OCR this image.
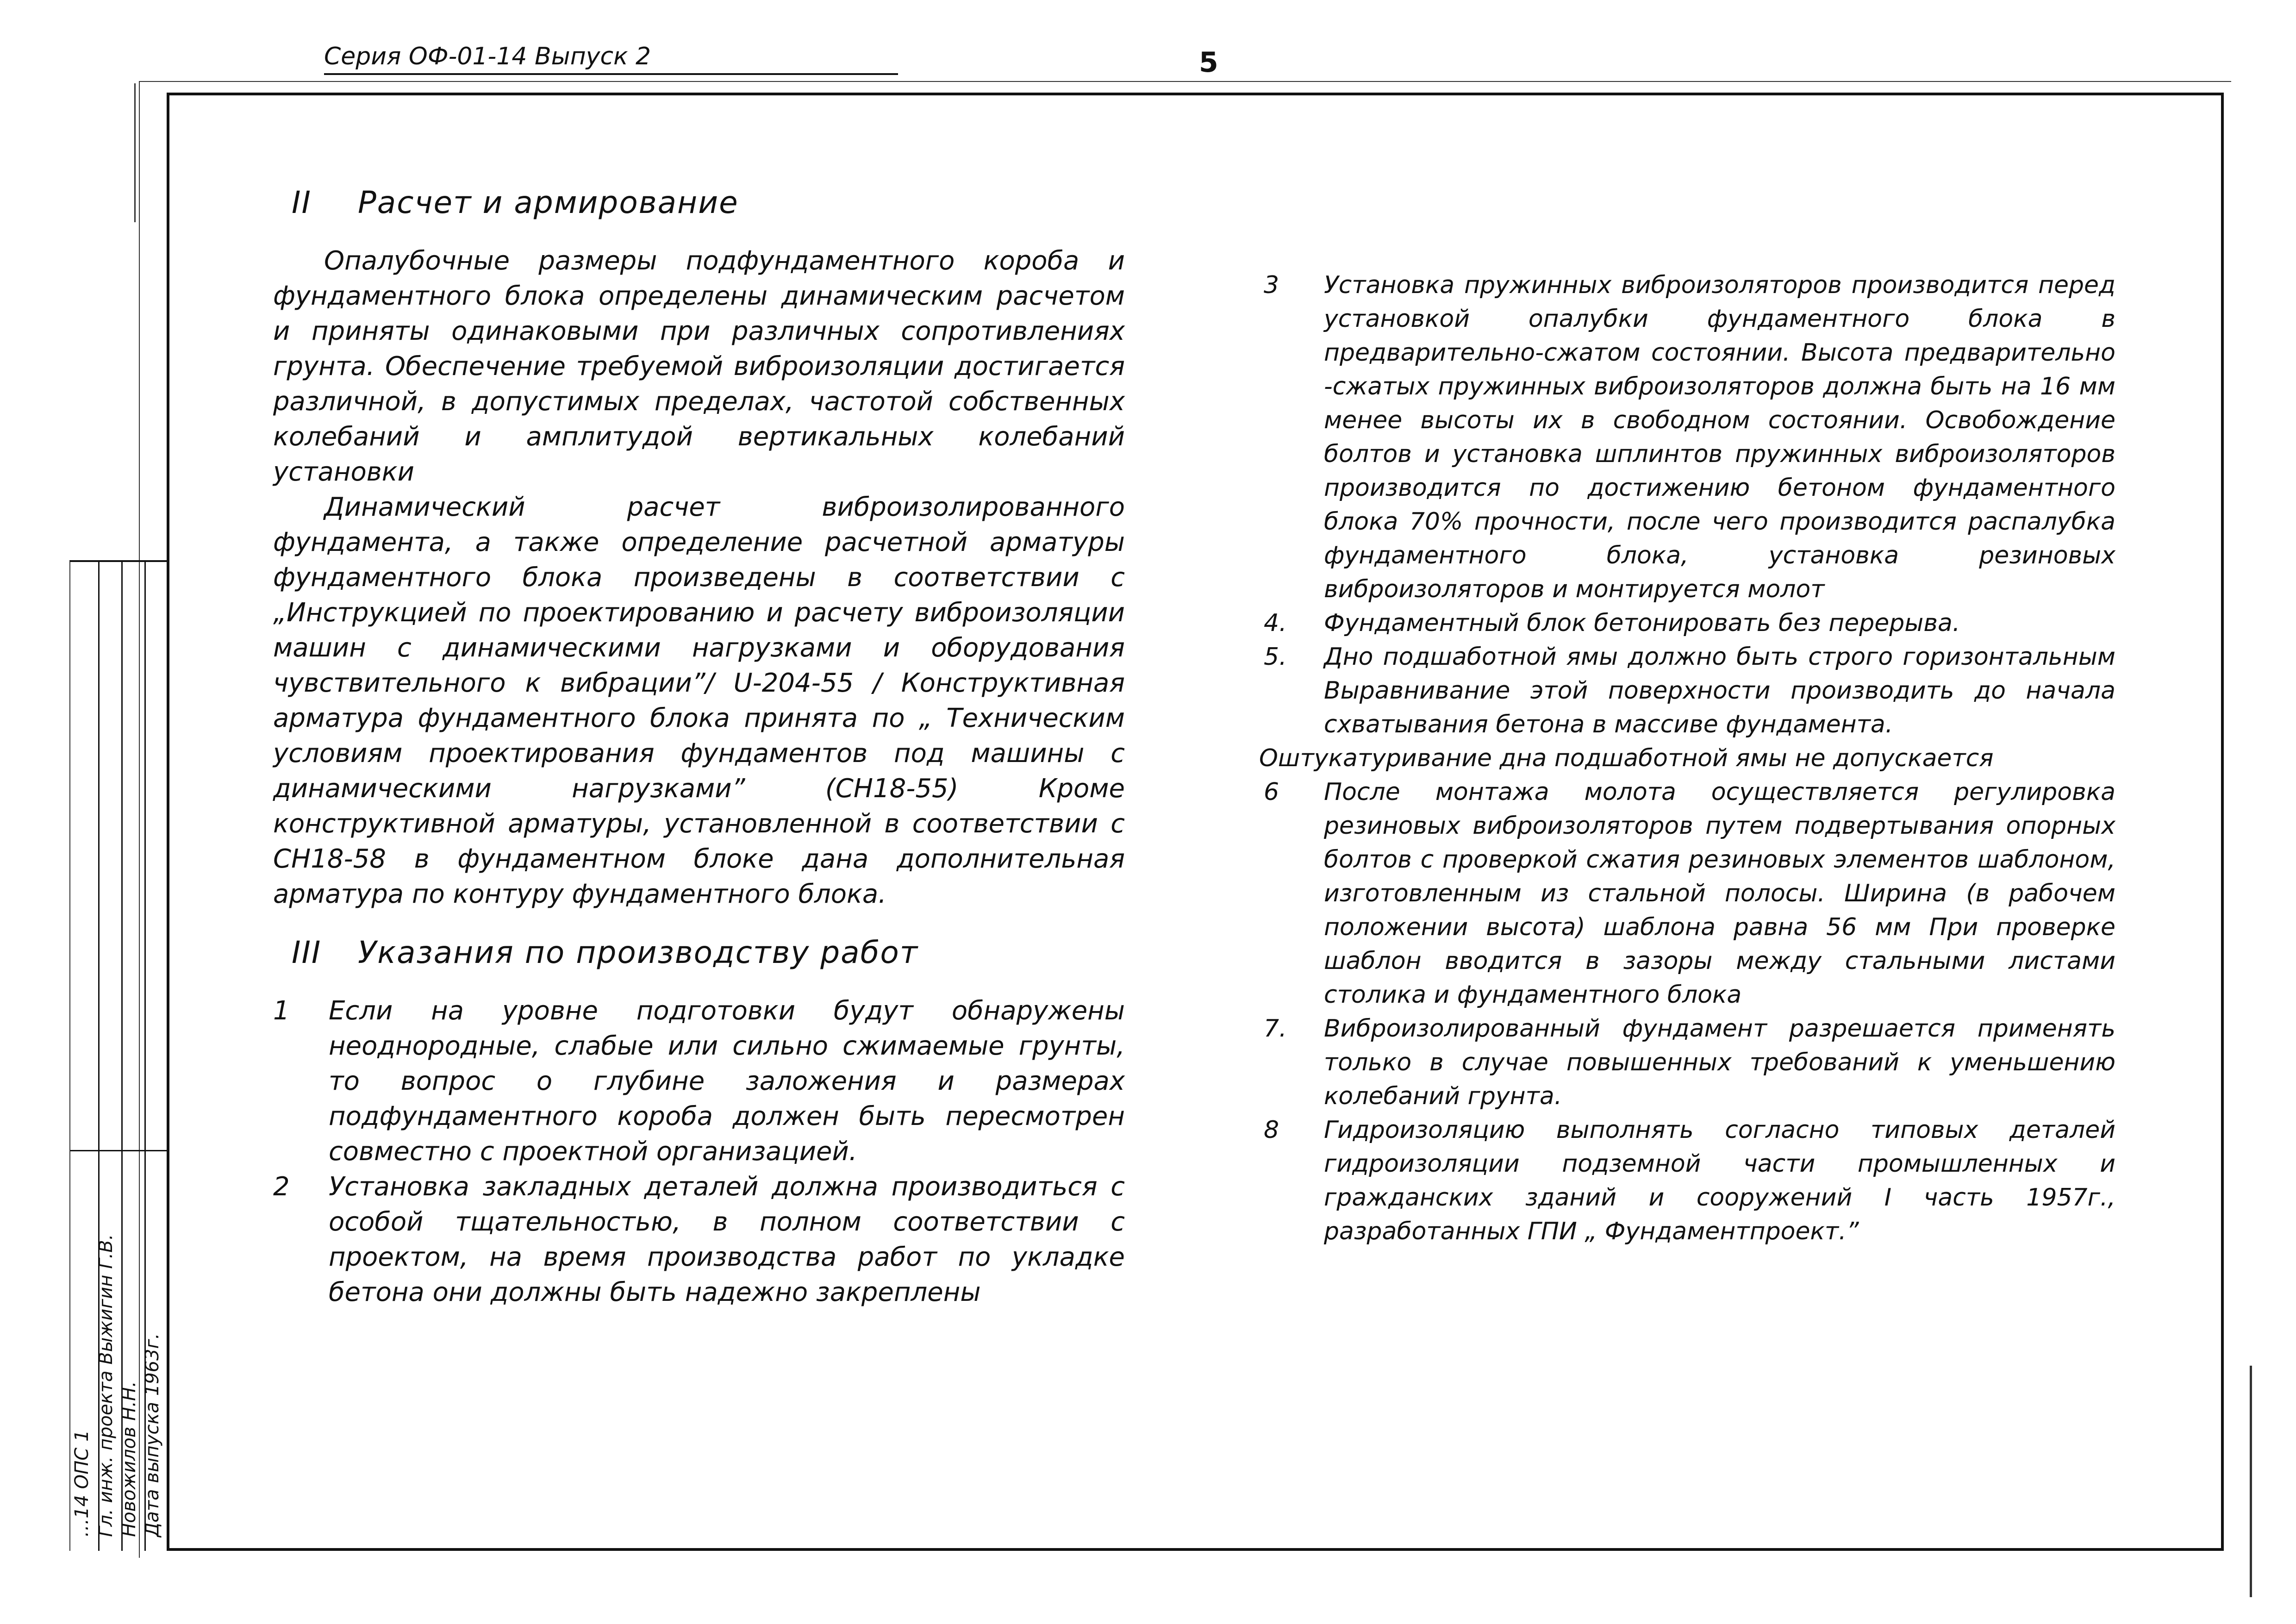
Серия ОФ-01-14 Выпуск 2	5
…14 ОПС 1 Гл. инж. проекта Выжигин Г.В. Новожилов Н.Н. Дата выпуска 1963г.
II Расчет и армирование

Опалубочные размеры подфундаментного короба и фундаментного блока определены динамическим расчетом и приняты одинаковыми при различных сопротивлениях грунта. Обеспечение требуемой виброизоляции достигается различной, в допустимых пределах, частотой собственных колебаний и амплитудой вертикальных колебаний установки

Динамический расчет виброизолированного фундамента, а также определение расчетной арматуры фундаментного блока произведены в соответствии с „Инструкцией по проектированию и расчету виброизоляции машин с динамическими нагрузками и оборудования чувствительного к вибрации”/ U-204-55 / Конструктивная арматура фундаментного блока принята по „ Техническим условиям проектирования фундаментов под машины с динамическими нагрузками” (СН18-55) Кроме конструктивной арматуры, установленной в соответствии с СН18-58 в фундаментном блоке дана дополнительная арматура по контуру фундаментного блока.

III Указания по производству работ
1 Если на уровне подготовки будут обнаружены неоднородные, слабые или сильно сжимаемые грунты, то вопрос о глубине заложения и размерах подфундаментного короба должен быть пересмотрен совместно с проектной организацией.
2 Установка закладных деталей должна производиться с особой тщательностью, в полном соответствии с проектом, на время производства работ по укладке бетона они должны быть надежно закреплены
3 Установка пружинных виброизоляторов производится перед установкой опалубки фундаментного блока в предварительно-сжатом состоянии. Высота предварительно -сжатых пружинных виброизоляторов должна быть на 16 мм менее высоты их в свободном состоянии. Освобождение болтов и установка шплинтов пружинных виброизоляторов производится по достижению бетоном фундаментного блока 70% прочности, после чего производится распалубка фундаментного блока, установка резиновых виброизоляторов и монтируется молот
4. Фундаментный блок бетонировать без перерыва.
5. Дно подшаботной ямы должно быть строго горизонтальным Выравнивание этой поверхности производить до начала схватывания бетона в массиве фундамента.
Оштукатуривание дна подшаботной ямы не допускается
6 После монтажа молота осуществляется регулировка резиновых виброизоляторов путем подвертывания опорных болтов с проверкой сжатия резиновых элементов шаблоном, изготовленным из стальной полосы. Ширина (в рабочем положении высота) шаблона равна 56 мм При проверке шаблон вводится в зазоры между стальными листами столика и фундаментного блока
7. Виброизолированный фундамент разрешается применять только в случае повышенных требований к уменьшению колебаний грунта.
8 Гидроизоляцию выполнять согласно типовых деталей гидроизоляции подземной части промышленных и гражданских зданий и сооружений I часть 1957г., разработанных ГПИ „ Фундаментпроект.”
